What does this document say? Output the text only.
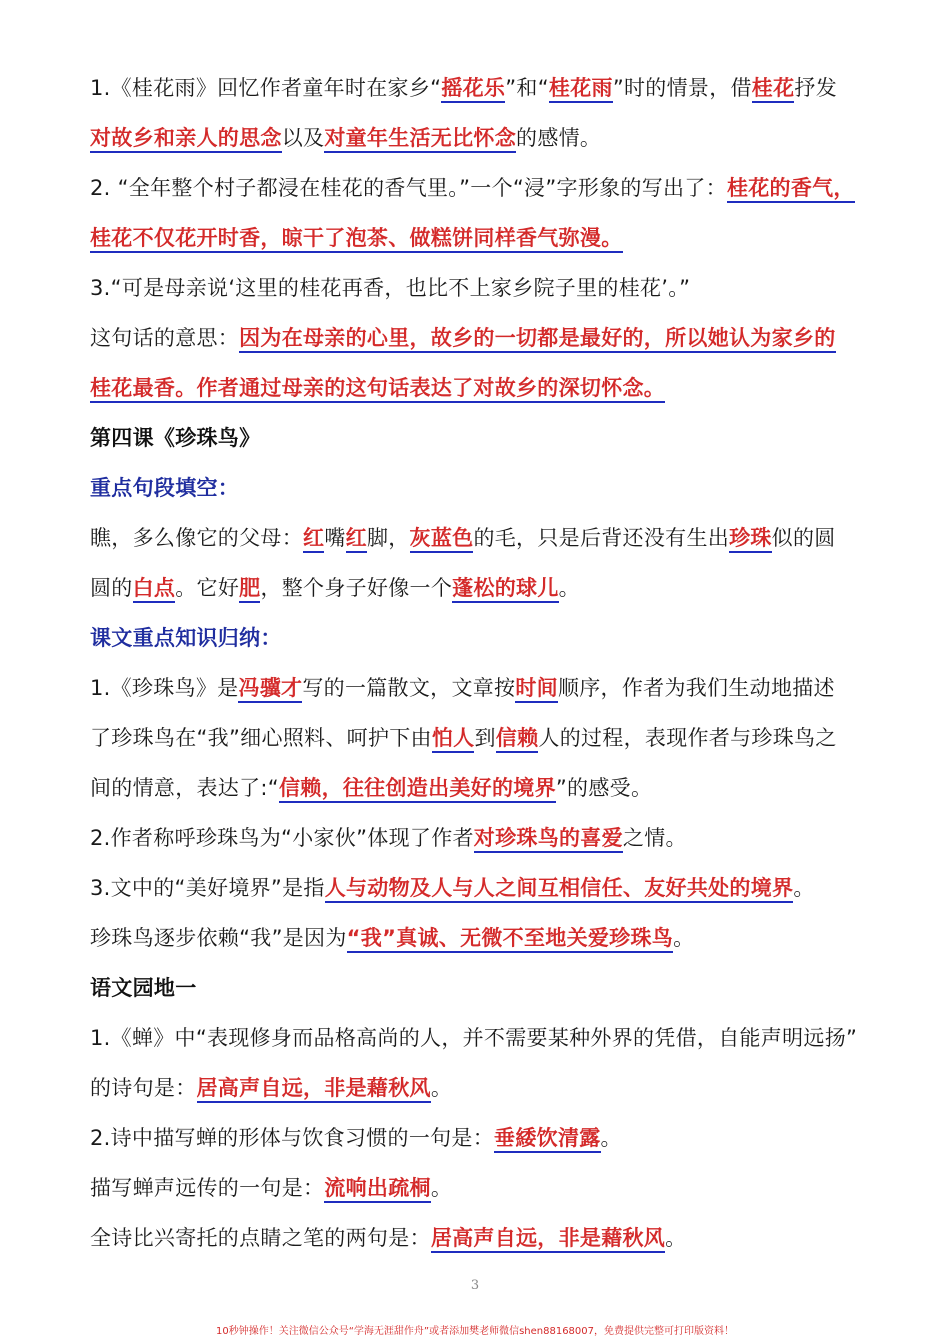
1.《桂花雨》回忆作者童年时在家乡“摇花乐”和“桂花雨”时的情景，借桂花抒发
对故乡和亲人的思念以及对童年生活无比怀念的感情。
2. “全年整个村子都浸在桂花的香气里。”一个“浸”字形象的写出了：桂花的香气，
桂花不仅花开时香，晾干了泡茶、做糕饼同样香气弥漫。
3.“可是母亲说‘这里的桂花再香，也比不上家乡院子里的桂花’。”
这句话的意思：因为在母亲的心里，故乡的一切都是最好的，所以她认为家乡的
桂花最香。作者通过母亲的这句话表达了对故乡的深切怀念。
第四课《珍珠鸟》
重点句段填空：
瞧，多么像它的父母：红嘴红脚，灰蓝色的毛，只是后背还没有生出珍珠似的圆
圆的白点。它好肥，整个身子好像一个蓬松的球儿。
课文重点知识归纳：
1.《珍珠鸟》是冯骥才写的一篇散文，文章按时间顺序，作者为我们生动地描述
了珍珠鸟在“我”细心照料、呵护下由怕人到信赖人的过程，表现作者与珍珠鸟之
间的情意，表达了:“信赖，往往创造出美好的境界”的感受。
2.作者称呼珍珠鸟为“小家伙”体现了作者对珍珠鸟的喜爱之情。
3.文中的“美好境界”是指人与动物及人与人之间互相信任、友好共处的境界。
珍珠鸟逐步依赖“我”是因为“我”真诚、无微不至地关爱珍珠鸟。
语文园地一
1.《蝉》中“表现修身而品格高尚的人，并不需要某种外界的凭借，自能声明远扬”
的诗句是：居高声自远，非是藉秋风。
2.诗中描写蝉的形体与饮食习惯的一句是：垂緌饮清露。
描写蝉声远传的一句是：流响出疏桐。
全诗比兴寄托的点睛之笔的两句是：居高声自远，非是藉秋风。
3
10秒钟操作！关注微信公众号“学海无涯甜作舟”或者添加樊老师微信shen88168007，免费提供完整可打印版资料！
